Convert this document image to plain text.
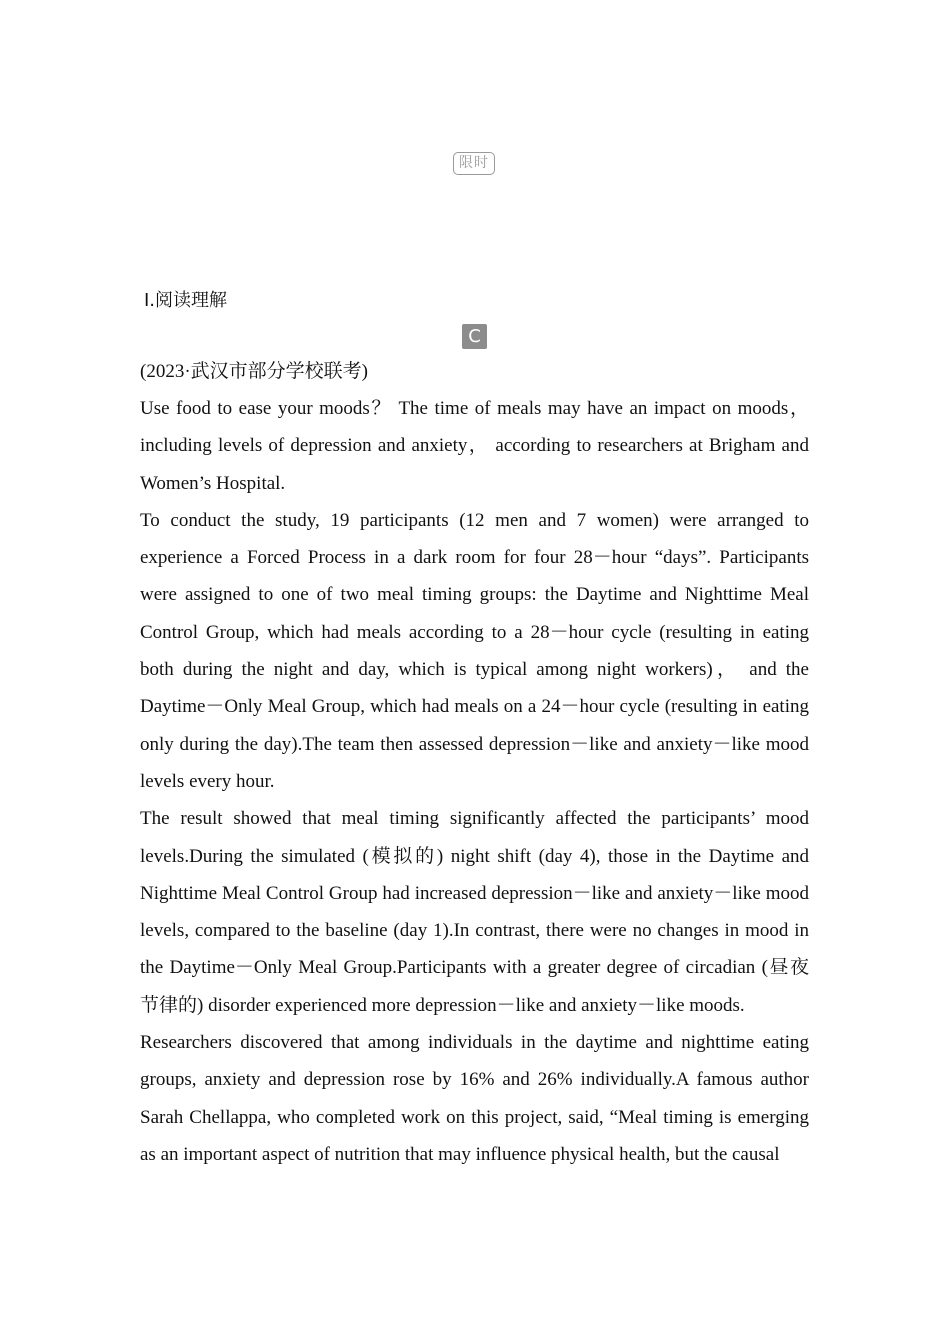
限时
Ⅰ.阅读理解
C
(2023·武汉市部分学校联考)

Use food to ease your moods？ The time of meals may have an impact on moods， including levels of depression and anxiety， according to researchers at Brigham and Women’s Hospital.

To conduct the study, 19 participants (12 men and 7 women) were arranged to experience a Forced Process in a dark room for four 28－hour “days”. Participants were assigned to one of two meal timing groups: the Daytime and Nighttime Meal Control Group, which had meals according to a 28－hour cycle (resulting in eating both during the night and day, which is typical among night workers)， and the Daytime－Only Meal Group, which had meals on a 24－hour cycle (resulting in eating only during the day).The team then assessed depression－like and anxiety－like mood levels every hour.

The result showed that meal timing significantly affected the participants’ mood levels.During the simulated (模拟的) night shift (day 4), those in the Daytime and Nighttime Meal Control Group had increased depression－like and anxiety－like mood levels, compared to the baseline (day 1).In contrast, there were no changes in mood in the Daytime－Only Meal Group.Participants with a greater degree of circadian (昼夜节律的) disorder experienced more depression－like and anxiety－like moods.

Researchers discovered that among individuals in the daytime and nighttime eating groups, anxiety and depression rose by 16% and 26% individually.A famous author Sarah Chellappa, who completed work on this project, said, “Meal timing is emerging as an important aspect of nutrition that may influence physical health, but the causal
